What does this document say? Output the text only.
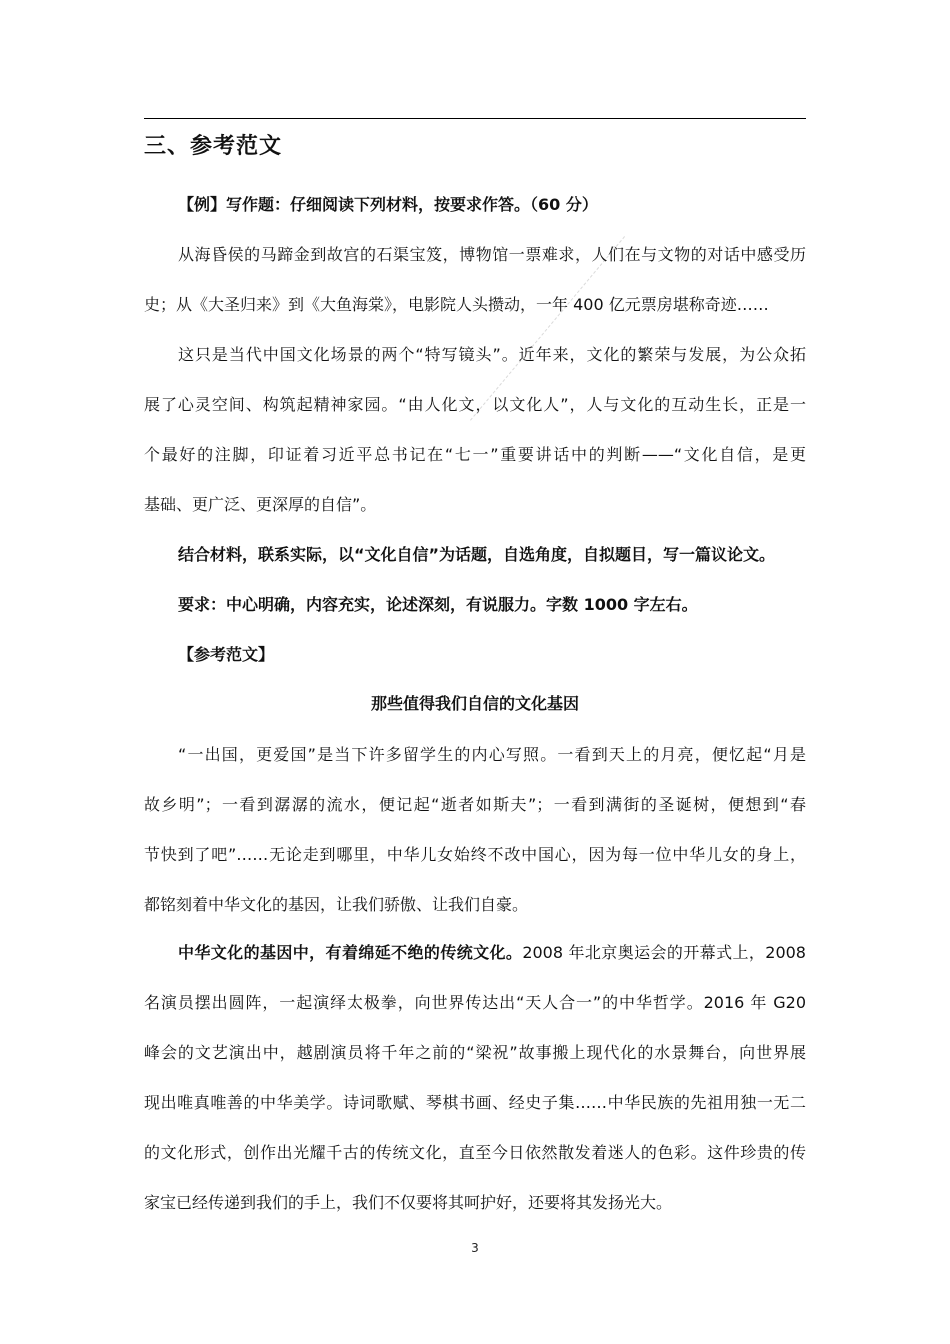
三、参考范文
【例】写作题：仔细阅读下列材料，按要求作答。（60 分）
从海昏侯的马蹄金到故宫的石渠宝笈，博物馆一票难求，人们在与文物的对话中感受历
史；从《大圣归来》到《大鱼海棠》，电影院人头攒动，一年 400 亿元票房堪称奇迹……
这只是当代中国文化场景的两个“特写镜头”。近年来，文化的繁荣与发展，为公众拓
展了心灵空间、构筑起精神家园。“由人化文，以文化人”，人与文化的互动生长，正是一
个最好的注脚，印证着习近平总书记在“七一”重要讲话中的判断——“文化自信，是更
基础、更广泛、更深厚的自信”。
结合材料，联系实际，以“文化自信”为话题，自选角度，自拟题目，写一篇议论文。
要求：中心明确，内容充实，论述深刻，有说服力。字数 1000 字左右。
【参考范文】
那些值得我们自信的文化基因
“一出国，更爱国”是当下许多留学生的内心写照。一看到天上的月亮，便忆起“月是
故乡明”；一看到潺潺的流水，便记起“逝者如斯夫”；一看到满街的圣诞树，便想到“春
节快到了吧”……无论走到哪里，中华儿女始终不改中国心，因为每一位中华儿女的身上，
都铭刻着中华文化的基因，让我们骄傲、让我们自豪。
中华文化的基因中，有着绵延不绝的传统文化。2008 年北京奥运会的开幕式上，2008
名演员摆出圆阵，一起演绎太极拳，向世界传达出“天人合一”的中华哲学。2016 年 G20
峰会的文艺演出中，越剧演员将千年之前的“梁祝”故事搬上现代化的水景舞台，向世界展
现出唯真唯善的中华美学。诗词歌赋、琴棋书画、经史子集……中华民族的先祖用独一无二
的文化形式，创作出光耀千古的传统文化，直至今日依然散发着迷人的色彩。这件珍贵的传
家宝已经传递到我们的手上，我们不仅要将其呵护好，还要将其发扬光大。
3
